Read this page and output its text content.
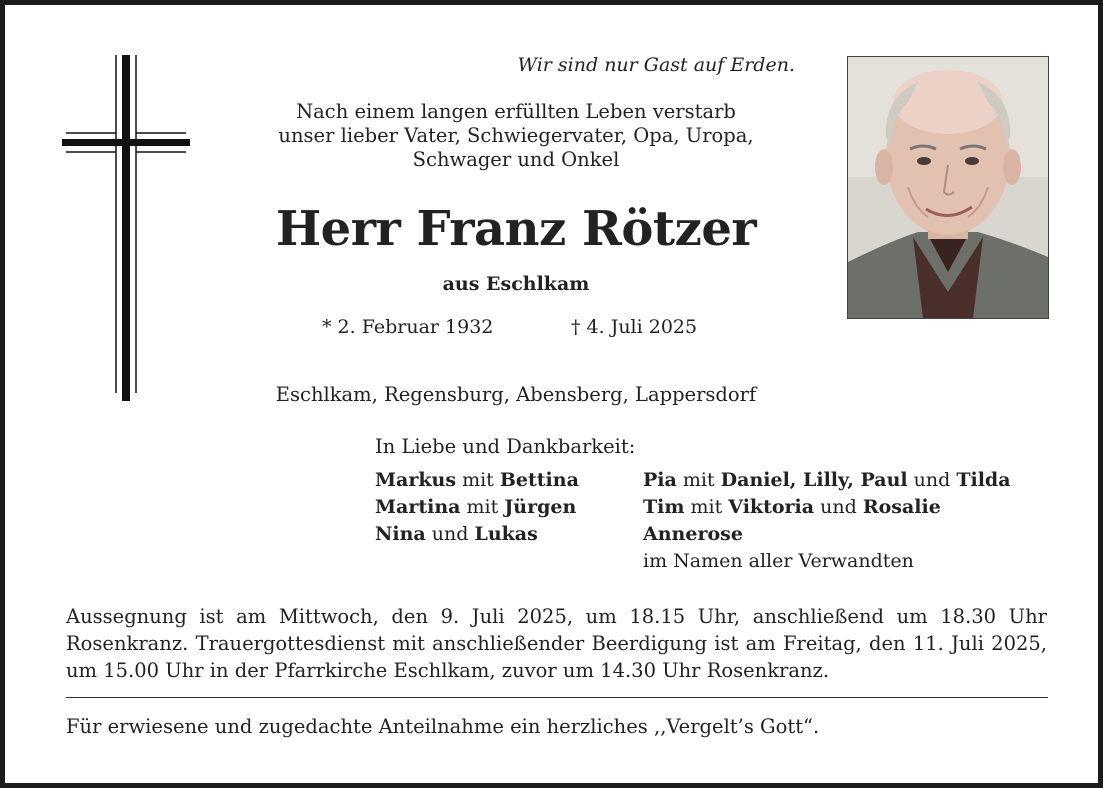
Wir sind nur Gast auf Erden.
Nach einem langen erfüllten Leben verstarb
unser lieber Vater, Schwiegervater, Opa, Uropa,
Schwager und Onkel
Herr Franz Rötzer
aus Eschlkam
* 2. Februar 1932	† 4. Juli 2025
Eschlkam, Regensburg, Abensberg, Lappersdorf
In Liebe und Dankbarkeit:
Markus mit Bettina
Martina mit Jürgen
Nina und Lukas
Pia mit Daniel, Lilly, Paul und Tilda
Tim mit Viktoria und Rosalie
Annerose
im Namen aller Verwandten
Aussegnung ist am Mittwoch, den 9. Juli 2025, um 18.15 Uhr, anschließend um 18.30 Uhr Rosenkranz. Trauergottesdienst mit anschließender Beerdigung ist am Freitag, den 11. Juli 2025, um 15.00 Uhr in der Pfarrkirche Eschlkam, zuvor um 14.30 Uhr Rosenkranz.
Für erwiesene und zugedachte Anteilnahme ein herzliches ,,Vergelt’s Gott“.
